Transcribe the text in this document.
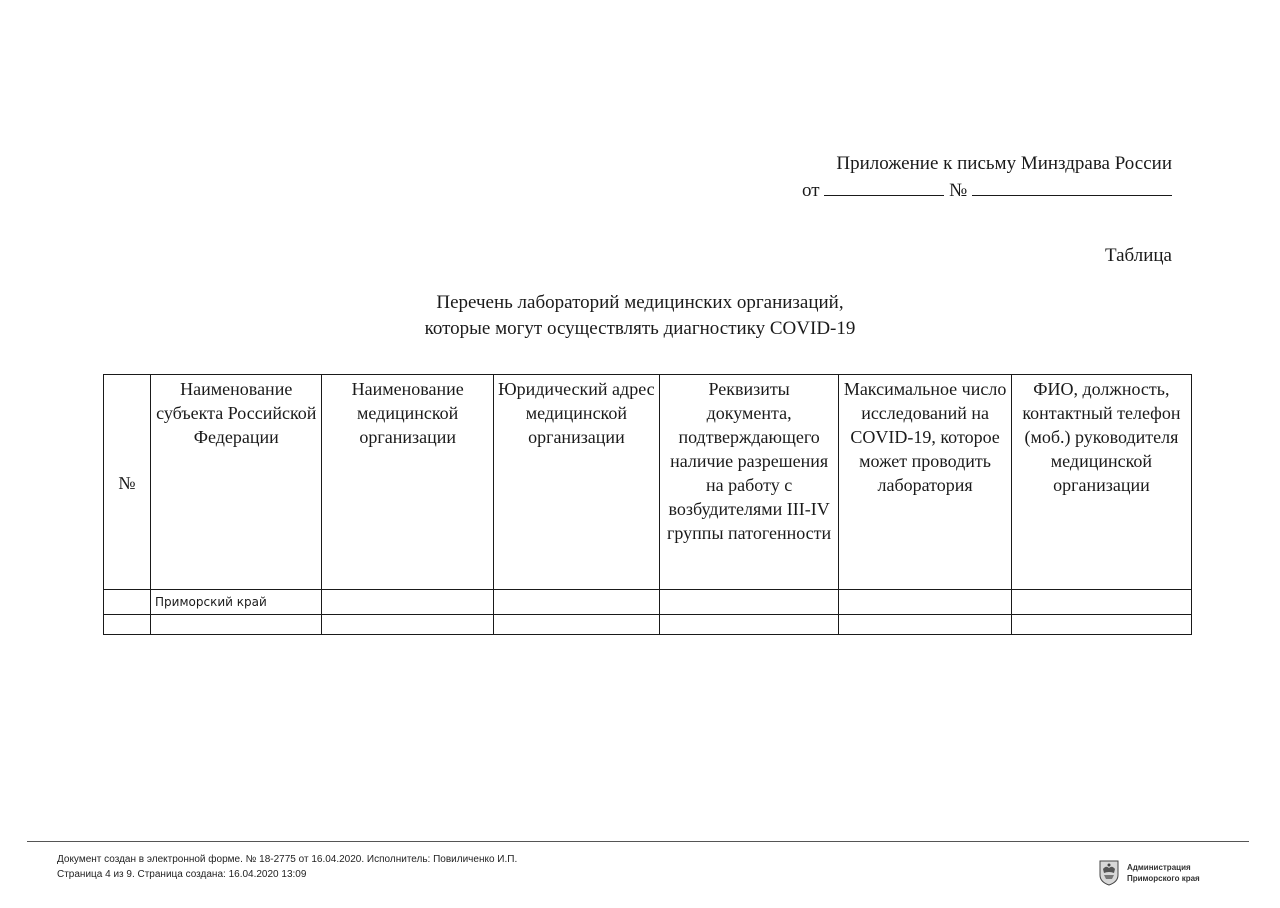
Приложение к письму Минздрава России
от	№
Таблица
Перечень лабораторий медицинских организаций,
которые могут осуществлять диагностику COVID-19
№	Наименование субъекта Российской Федерации	Наименование медицинской организации	Юридический адрес медицинской организации	Реквизиты документа, подтверждающего наличие разрешения на работу с возбудителями III-IV группы патогенности	Максимальное число исследований на COVID-19, которое может проводить лаборатория	ФИО, должность, контактный телефон (моб.) руководителя медицинской организации
	Приморский край					

Документ создан в электронной форме. № 18-2775 от 16.04.2020. Исполнитель: Повиличенко И.П.
Страница 4 из 9. Страница создана: 16.04.2020 13:09
Администрация
Приморского края
